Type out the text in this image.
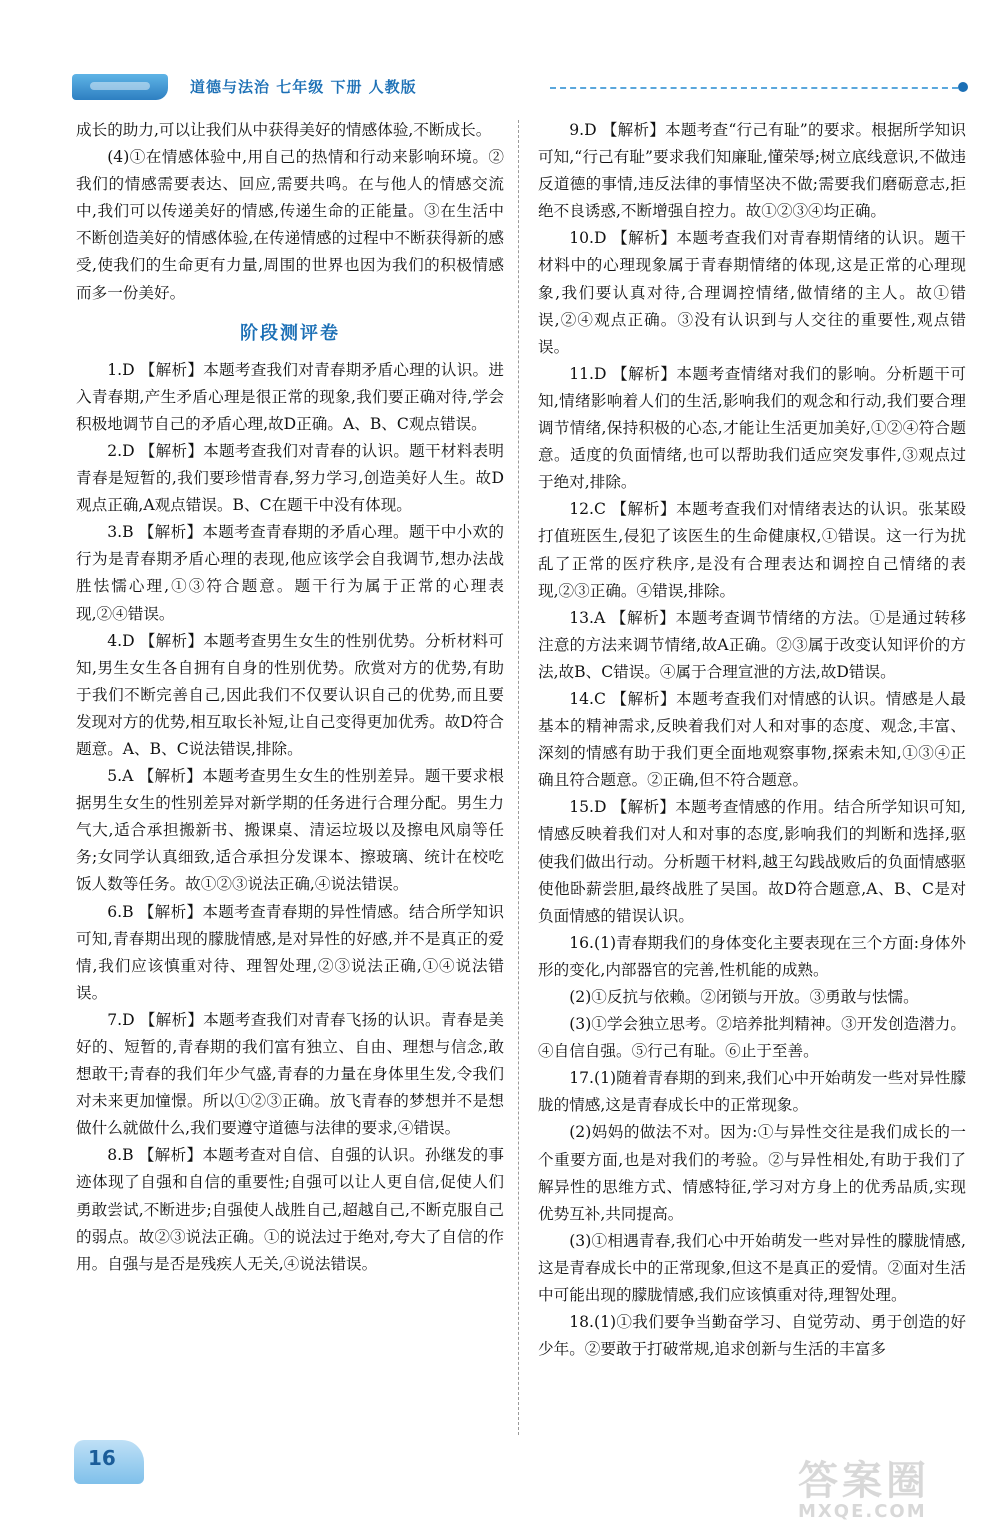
道德与法治 七年级 下册 人教版

成长的助力,可以让我们从中获得美好的情感体验,不断成长。

(4)①在情感体验中,用自己的热情和行动来影响环境。②我们的情感需要表达、回应,需要共鸣。在与他人的情感交流中,我们可以传递美好的情感,传递生命的正能量。③在生活中不断创造美好的情感体验,在传递情感的过程中不断获得新的感受,使我们的生命更有力量,周围的世界也因为我们的积极情感而多一份美好。

阶段测评卷

1.D 【解析】本题考查我们对青春期矛盾心理的认识。进入青春期,产生矛盾心理是很正常的现象,我们要正确对待,学会积极地调节自己的矛盾心理,故D正确。A、B、C观点错误。

2.D 【解析】本题考查我们对青春的认识。题干材料表明青春是短暂的,我们要珍惜青春,努力学习,创造美好人生。故D观点正确,A观点错误。B、C在题干中没有体现。

3.B 【解析】本题考查青春期的矛盾心理。题干中小欢的行为是青春期矛盾心理的表现,他应该学会自我调节,想办法战胜怯懦心理,①③符合题意。题干行为属于正常的心理表现,②④错误。

4.D 【解析】本题考查男生女生的性别优势。分析材料可知,男生女生各自拥有自身的性别优势。欣赏对方的优势,有助于我们不断完善自己,因此我们不仅要认识自己的优势,而且要发现对方的优势,相互取长补短,让自己变得更加优秀。故D符合题意。A、B、C说法错误,排除。

5.A 【解析】本题考查男生女生的性别差异。题干要求根据男生女生的性别差异对新学期的任务进行合理分配。男生力气大,适合承担搬新书、搬课桌、清运垃圾以及擦电风扇等任务;女同学认真细致,适合承担分发课本、擦玻璃、统计在校吃饭人数等任务。故①②③说法正确,④说法错误。

6.B 【解析】本题考查青春期的异性情感。结合所学知识可知,青春期出现的朦胧情感,是对异性的好感,并不是真正的爱情,我们应该慎重对待、理智处理,②③说法正确,①④说法错误。

7.D 【解析】本题考查我们对青春飞扬的认识。青春是美好的、短暂的,青春期的我们富有独立、自由、理想与信念,敢想敢干;青春的我们年少气盛,青春的力量在身体里生发,令我们对未来更加憧憬。所以①②③正确。放飞青春的梦想并不是想做什么就做什么,我们要遵守道德与法律的要求,④错误。

8.B 【解析】本题考查对自信、自强的认识。孙继发的事迹体现了自强和自信的重要性;自强可以让人更自信,促使人们勇敢尝试,不断进步;自强使人战胜自己,超越自己,不断克服自己的弱点。故②③说法正确。①的说法过于绝对,夸大了自信的作用。自强与是否是残疾人无关,④说法错误。

9.D 【解析】本题考查“行己有耻”的要求。根据所学知识可知,“行己有耻”要求我们知廉耻,懂荣辱;树立底线意识,不做违反道德的事情,违反法律的事情坚决不做;需要我们磨砺意志,拒绝不良诱惑,不断增强自控力。故①②③④均正确。

10.D 【解析】本题考查我们对青春期情绪的认识。题干材料中的心理现象属于青春期情绪的体现,这是正常的心理现象,我们要认真对待,合理调控情绪,做情绪的主人。故①错误,②④观点正确。③没有认识到与人交往的重要性,观点错误。

11.D 【解析】本题考查情绪对我们的影响。分析题干可知,情绪影响着人们的生活,影响我们的观念和行动,我们要合理调节情绪,保持积极的心态,才能让生活更加美好,①②④符合题意。适度的负面情绪,也可以帮助我们适应突发事件,③观点过于绝对,排除。

12.C 【解析】本题考查我们对情绪表达的认识。张某殴打值班医生,侵犯了该医生的生命健康权,①错误。这一行为扰乱了正常的医疗秩序,是没有合理表达和调控自己情绪的表现,②③正确。④错误,排除。

13.A 【解析】本题考查调节情绪的方法。①是通过转移注意的方法来调节情绪,故A正确。②③属于改变认知评价的方法,故B、C错误。④属于合理宣泄的方法,故D错误。

14.C 【解析】本题考查我们对情感的认识。情感是人最基本的精神需求,反映着我们对人和对事的态度、观念,丰富、深刻的情感有助于我们更全面地观察事物,探索未知,①③④正确且符合题意。②正确,但不符合题意。

15.D 【解析】本题考查情感的作用。结合所学知识可知,情感反映着我们对人和对事的态度,影响我们的判断和选择,驱使我们做出行动。分析题干材料,越王勾践战败后的负面情感驱使他卧薪尝胆,最终战胜了吴国。故D符合题意,A、B、C是对负面情感的错误认识。

16.(1)青春期我们的身体变化主要表现在三个方面:身体外形的变化,内部器官的完善,性机能的成熟。

(2)①反抗与依赖。②闭锁与开放。③勇敢与怯懦。

(3)①学会独立思考。②培养批判精神。③开发创造潜力。④自信自强。⑤行己有耻。⑥止于至善。

17.(1)随着青春期的到来,我们心中开始萌发一些对异性朦胧的情感,这是青春成长中的正常现象。

(2)妈妈的做法不对。因为:①与异性交往是我们成长的一个重要方面,也是对我们的考验。②与异性相处,有助于我们了解异性的思维方式、情感特征,学习对方身上的优秀品质,实现优势互补,共同提高。

(3)①相遇青春,我们心中开始萌发一些对异性的朦胧情感,这是青春成长中的正常现象,但这不是真正的爱情。②面对生活中可能出现的朦胧情感,我们应该慎重对待,理智处理。

18.(1)①我们要争当勤奋学习、自觉劳动、勇于创造的好少年。②要敢于打破常规,追求创新与生活的丰富多

16	答案圈
MXQE.COM
